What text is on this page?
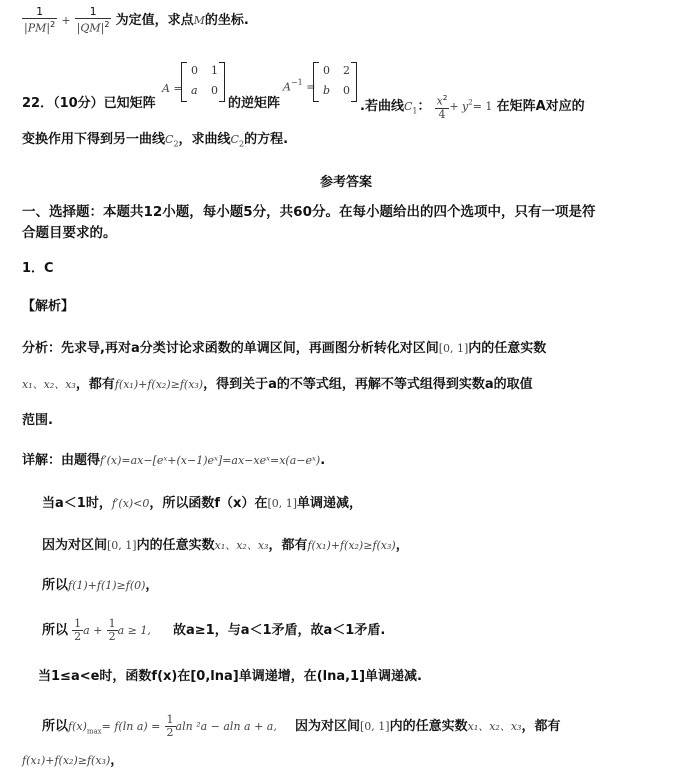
$\frac{1}{|PM|^2} + \frac{1}{|QM|^2}$ 为定值，求点M的坐标.
22．（10分）已知矩阵
A =
0 1
a 0
的逆矩阵
$A^{-1}$ =
0 2
b 0
.若曲线$C_1$： $\frac{x^2}{4} + y^2= 1$ 在矩阵A对应的
变换作用下得到另一曲线$C_2$，求曲线$C_2$的方程.
参考答案
一、选择题：本题共12小题，每小题5分，共60分。在每小题给出的四个选项中，只有一项是符
合题目要求的。
1．C
【解析】
分析：先求导,再对a分类讨论求函数的单调区间，再画图分析转化对区间[0, 1]内的任意实数
x₁、x₂、x₃，都有f(x₁)+f(x₂)≥f(x₃)，得到关于a的不等式组，再解不等式组得到实数a的取值
范围.
详解：由题得f′(x)=ax−[eˣ+(x−1)eˣ]=ax−xeˣ=x(a−eˣ).
当a＜1时，f′(x)<0，所以函数f（x）在[0, 1]单调递减，
因为对区间[0, 1]内的任意实数x₁、x₂、x₃，都有f(x₁)+f(x₂)≥f(x₃)，
所以f(1)+f(1)≥f(0)，
所以 $\frac{1}{2}$ $a + \frac{1}{2}$ a ≥ 1, 故a≥1，与a＜1矛盾，故a＜1矛盾.
当1≤a<e时，函数f(x)在[0,lna]单调递增，在(lna,1]单调递减.
所以$f(x)_{max}= f(\ln$ $a) = \frac{1}{2}$ aln ²a − aln a + a, 因为对区间[0, 1]内的任意实数x₁、x₂、x₃，都有
f(x₁)+f(x₂)≥f(x₃)，
